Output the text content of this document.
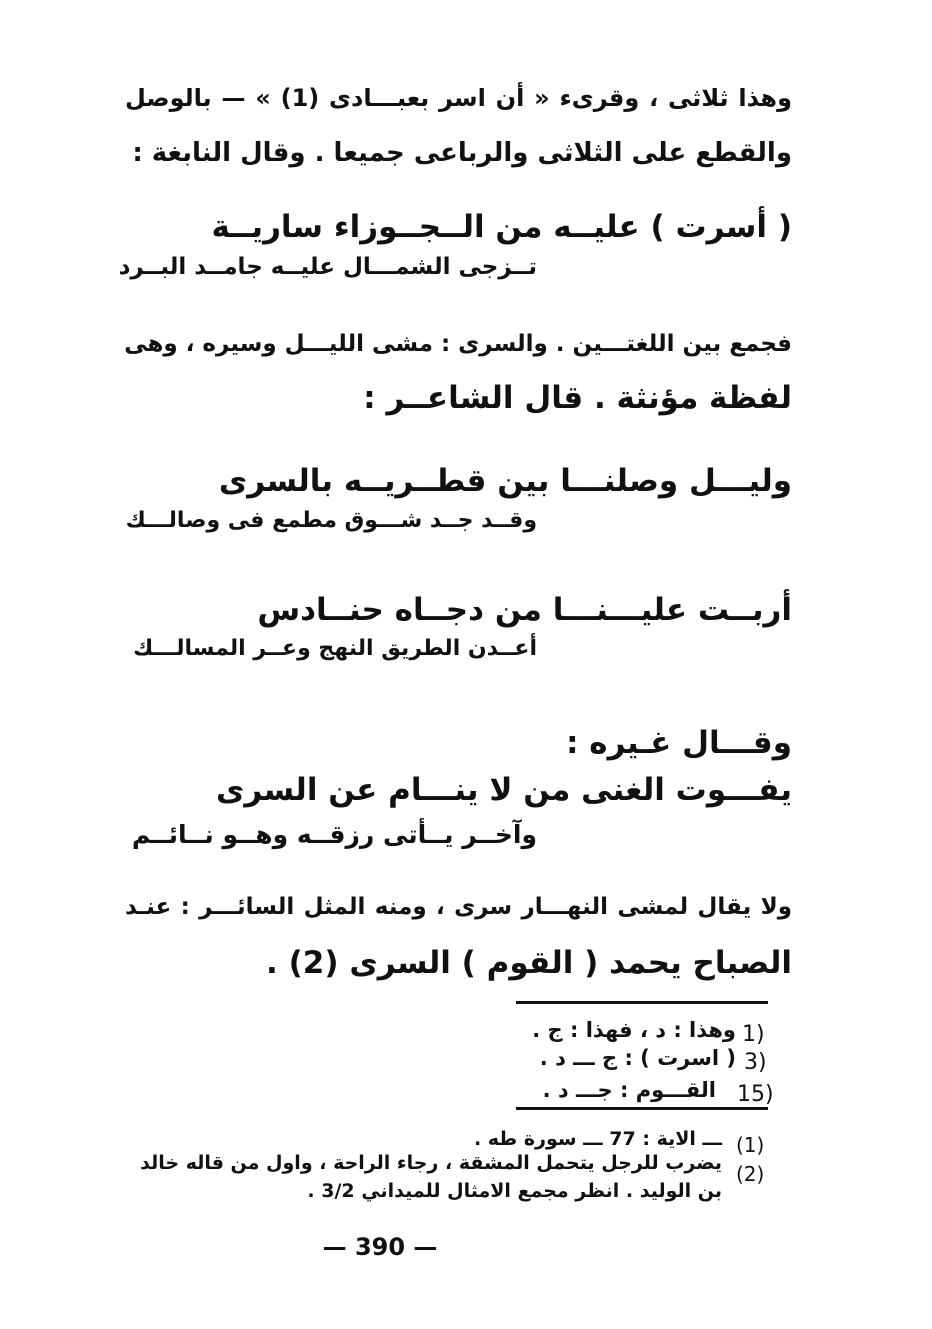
وهذا ثلاثى ، وقرىء « أن اسر بعبـــادى (1) » — بالوصل
والقطع على الثلاثى والرباعى جميعا . وقال النابغة :
( أسرت ) عليــه من الــجــوزاء ساريــة
تــزجى الشمـــال عليــه جامــد البــرد
فجمع بين اللغتـــين . والسرى : مشى الليـــل وسيره ، وهى
لفظة مؤنثة . قال الشاعــر :
وليـــل وصلنـــا بين قطــريــه بالسرى
وقــد جــد شـــوق مطمع فى وصالـــك
أربــت عليـــنـــا من دجــاه حنــادس
أعــدن الطريق النهج وعــر المسالـــك
وقـــال غـيره :
يفـــوت الغنى من لا ينـــام عن السرى
وآخــر يــأتى رزقــه وهــو نــائــم
ولا يقال لمشى النهـــار سرى ، ومنه المثل السائـــر : عنـد
الصباح يحمد ( القوم ) السرى (2) .
1)
وهذا : د ، فهذا : ج .
3)
( اسرت ) : ج ـــ د .
15)
القـــوم : جـــ د .
(1)
ـــ الاية : 77 ـــ سورة طه .
(2)
يضرب للرجل يتحمل المشقة ، رجاء الراحة ، واول من قاله خالد
بن الوليد . انظر مجمع الامثال للميداني 3/2 .
— 390 —
